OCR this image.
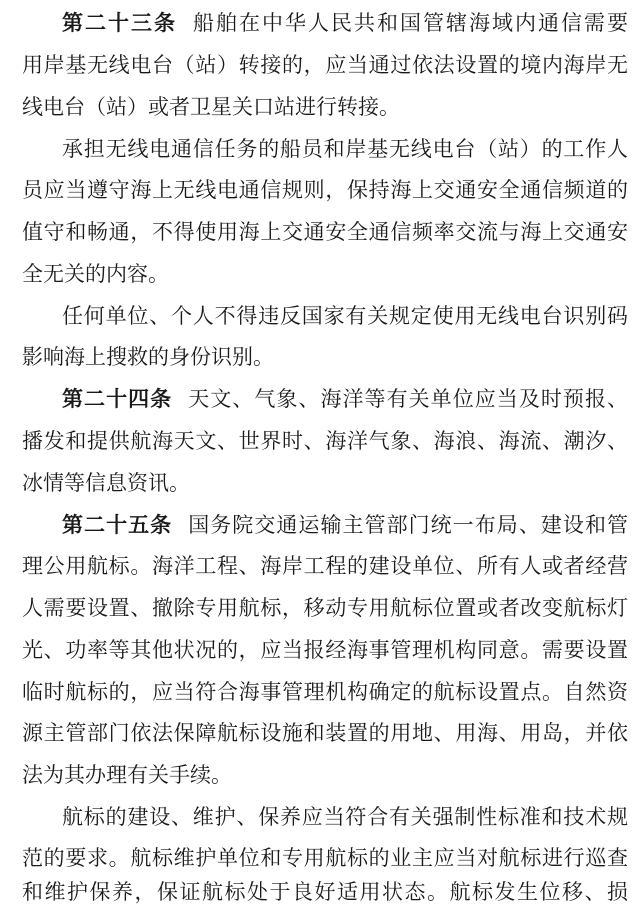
第二十三条 船舶在中华人民共和国管辖海域内通信需要
用岸基无线电台（站）转接的，应当通过依法设置的境内海岸无
线电台（站）或者卫星关口站进行转接。
承担无线电通信任务的船员和岸基无线电台（站）的工作人
员应当遵守海上无线电通信规则，保持海上交通安全通信频道的
值守和畅通，不得使用海上交通安全通信频率交流与海上交通安
全无关的内容。
任何单位、个人不得违反国家有关规定使用无线电台识别码
影响海上搜救的身份识别。
第二十四条 天文、气象、海洋等有关单位应当及时预报、
播发和提供航海天文、世界时、海洋气象、海浪、海流、潮汐、
冰情等信息资讯。
第二十五条 国务院交通运输主管部门统一布局、建设和管
理公用航标。海洋工程、海岸工程的建设单位、所有人或者经营
人需要设置、撤除专用航标，移动专用航标位置或者改变航标灯
光、功率等其他状况的，应当报经海事管理机构同意。需要设置
临时航标的，应当符合海事管理机构确定的航标设置点。自然资
源主管部门依法保障航标设施和装置的用地、用海、用岛，并依
法为其办理有关手续。
航标的建设、维护、保养应当符合有关强制性标准和技术规
范的要求。航标维护单位和专用航标的业主应当对航标进行巡查
和维护保养，保证航标处于良好适用状态。航标发生位移、损
